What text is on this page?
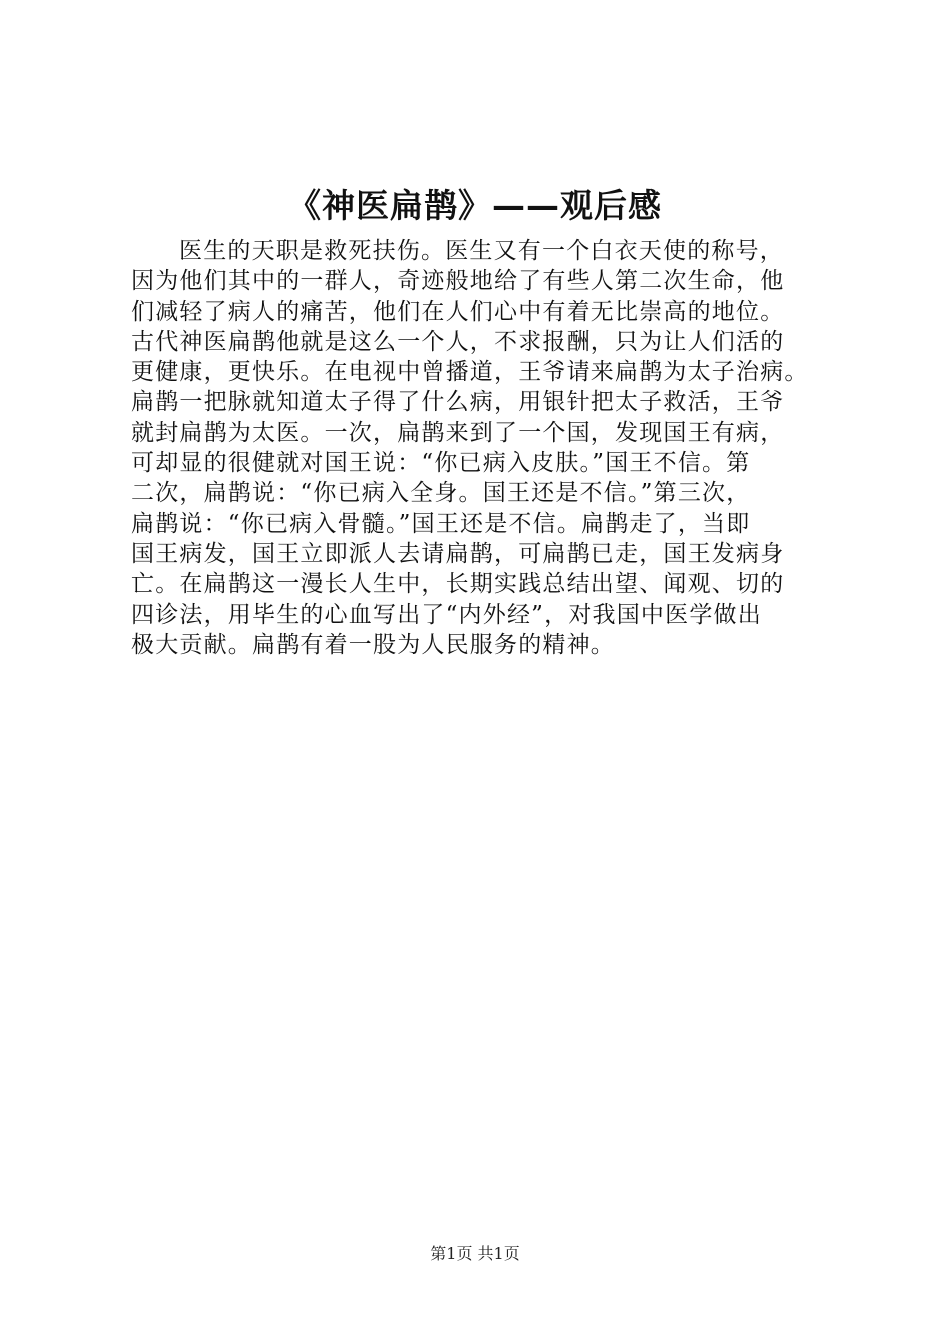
《神医扁鹊》——观后感
医生的天职是救死扶伤。医生又有一个白衣天使的称号，
因为他们其中的一群人，奇迹般地给了有些人第二次生命，他
们减轻了病人的痛苦，他们在人们心中有着无比崇高的地位。
古代神医扁鹊他就是这么一个人，不求报酬，只为让人们活的
更健康，更快乐。在电视中曾播道，王爷请来扁鹊为太子治病。
扁鹊一把脉就知道太子得了什么病，用银针把太子救活，王爷
就封扁鹊为太医。一次，扁鹊来到了一个国，发现国王有病，
可却显的很健就对国王说：“你已病入皮肤。”国王不信。第
二次，扁鹊说：“你已病入全身。国王还是不信。”第三次，
扁鹊说：“你已病入骨髓。”国王还是不信。扁鹊走了，当即
国王病发，国王立即派人去请扁鹊，可扁鹊已走，国王发病身
亡。在扁鹊这一漫长人生中，长期实践总结出望、闻观、切的
四诊法，用毕生的心血写出了“内外经”，对我国中医学做出
极大贡献。扁鹊有着一股为人民服务的精神。
第1页 共1页
